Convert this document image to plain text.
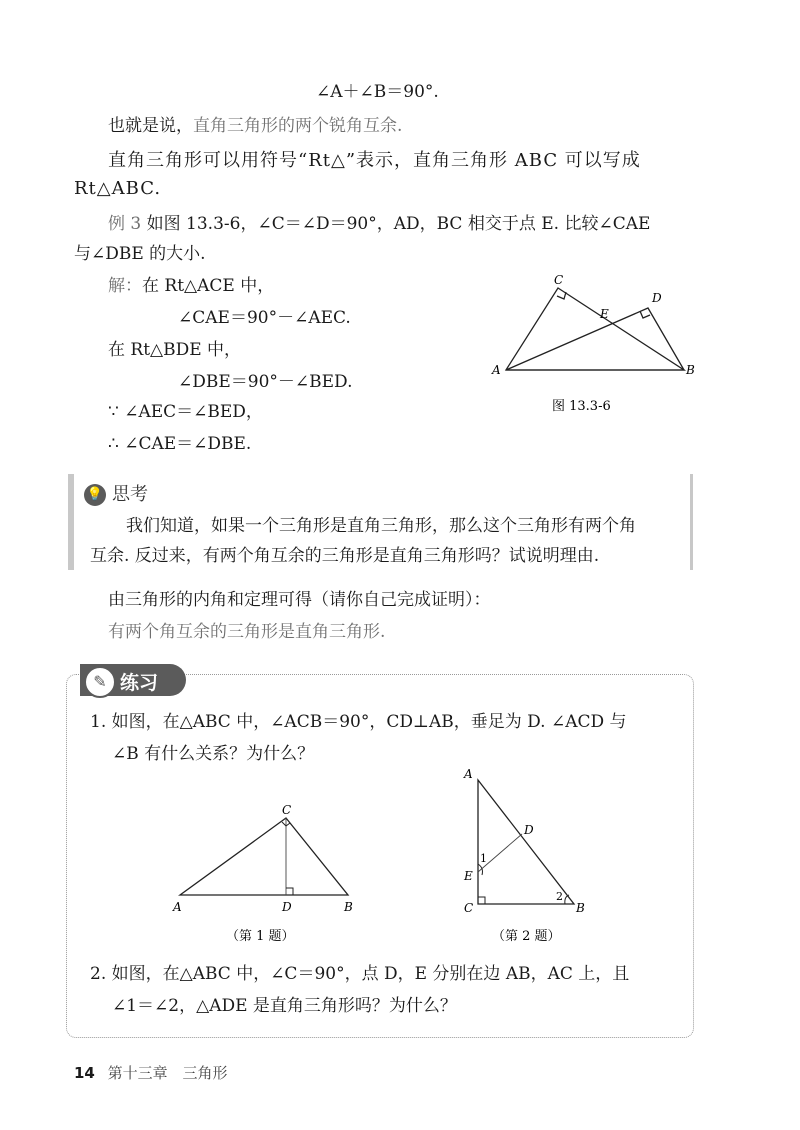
∠A＋∠B＝90°.
也就是说，直角三角形的两个锐角互余.
直角三角形可以用符号“Rt△”表示，直角三角形 ABC 可以写成
Rt△ABC.
例 3 如图 13.3-6，∠C＝∠D＝90°，AD，BC 相交于点 E. 比较∠CAE
与∠DBE 的大小.
解：在 Rt△ACE 中，
∠CAE＝90°－∠AEC.
在 Rt△BDE 中，
∠DBE＝90°－∠BED.
∵ ∠AEC＝∠BED，
∴ ∠CAE＝∠DBE.
A	B
C
D
E
图 13.3-6
💡 思考
我们知道，如果一个三角形是直角三角形，那么这个三角形有两个角
互余. 反过来，有两个角互余的三角形是直角三角形吗？试说明理由.
由三角形的内角和定理可得（请你自己完成证明）：
有两个角互余的三角形是直角三角形.
✎ 练习
1. 如图，在△ABC 中，∠ACB＝90°，CD⊥AB，垂足为 D. ∠ACD 与
∠B 有什么关系？为什么？
A	B
C
D
（第 1 题）
A
B
C
D
E
1
2
（第 2 题）
2. 如图，在△ABC 中，∠C＝90°，点 D，E 分别在边 AB，AC 上，且
∠1＝∠2，△ADE 是直角三角形吗？为什么？
14 第十三章 三角形
